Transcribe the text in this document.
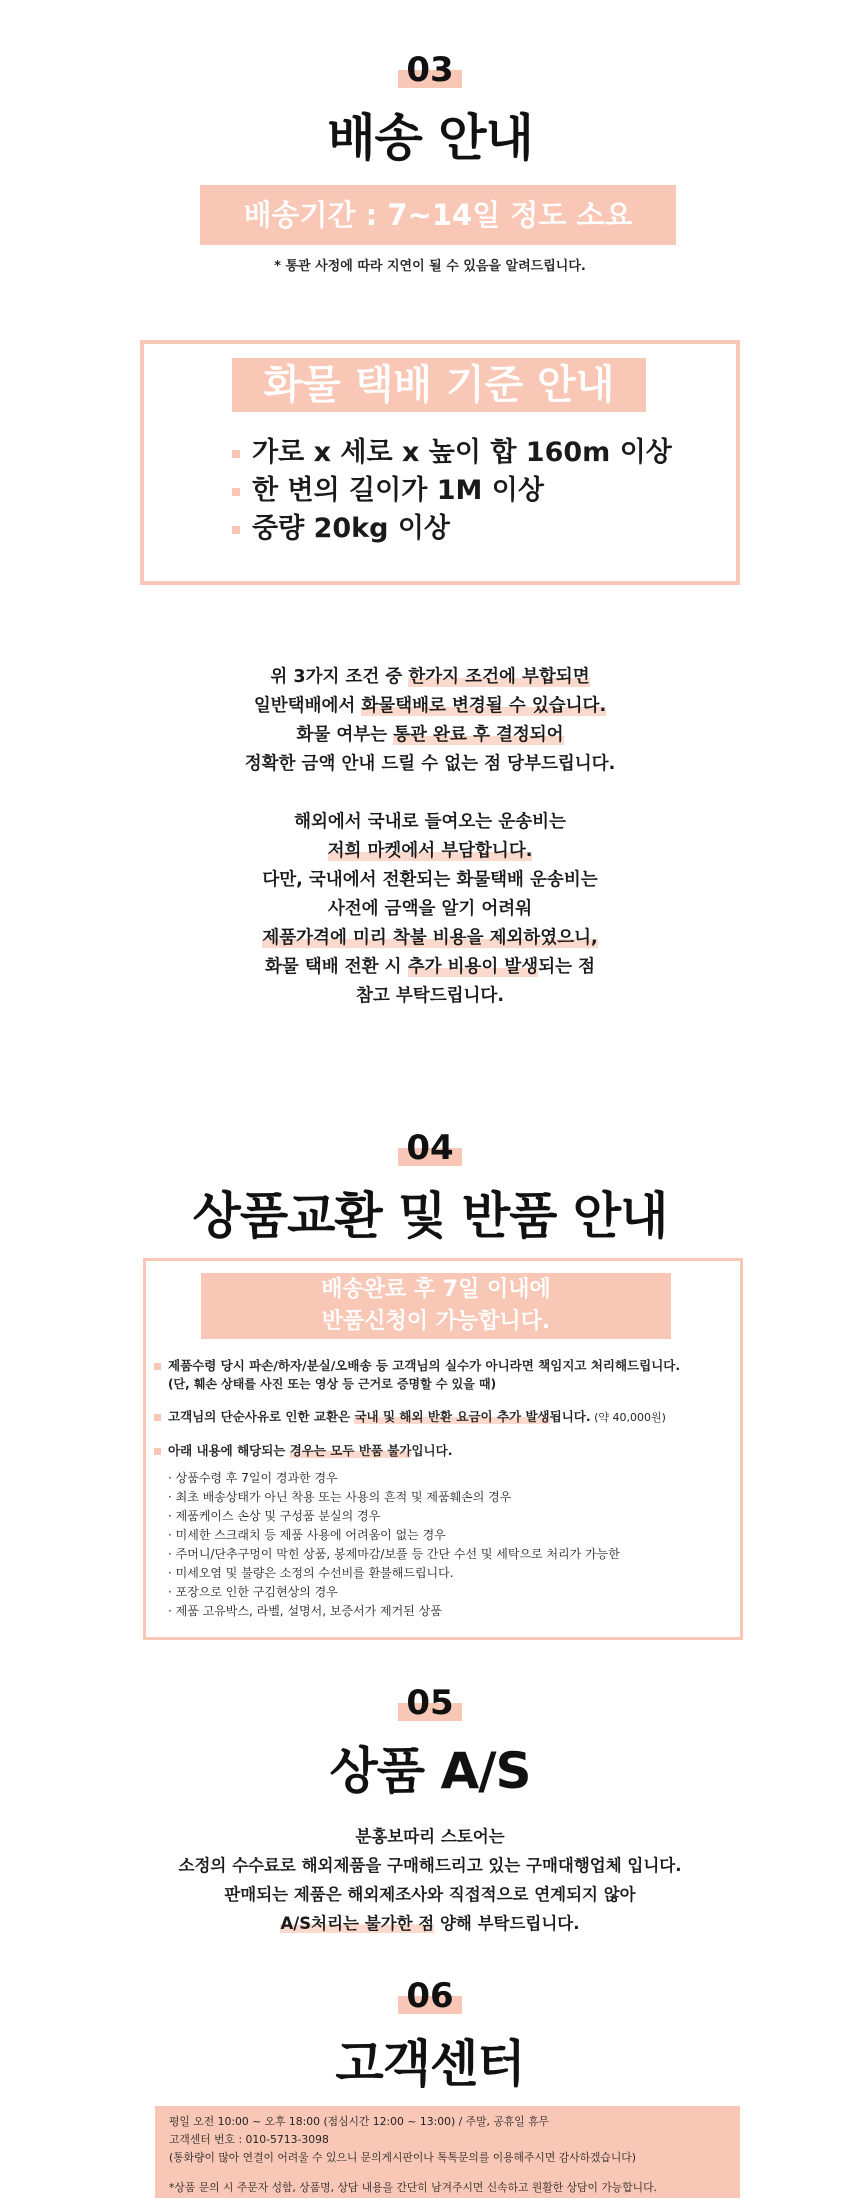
03
배송 안내
배송기간 : 7~14일 정도 소요
* 통관 사정에 따라 지연이 될 수 있음을 알려드립니다.
화물 택배 기준 안내
가로 x 세로 x 높이 합 160m 이상
한 변의 길이가 1M 이상
중량 20kg 이상
위 3가지 조건 중 한가지 조건에 부합되면
일반택배에서 화물택배로 변경될 수 있습니다.
화물 여부는 통관 완료 후 결정되어
정확한 금액 안내 드릴 수 없는 점 당부드립니다.
해외에서 국내로 들여오는 운송비는
저희 마켓에서 부담합니다.
다만, 국내에서 전환되는 화물택배 운송비는
사전에 금액을 알기 어려워
제품가격에 미리 착불 비용을 제외하였으니,
화물 택배 전환 시 추가 비용이 발생되는 점
참고 부탁드립니다.
04
상품교환 및 반품 안내
배송완료 후 7일 이내에
반품신청이 가능합니다.
제품수령 당시 파손/하자/분실/오배송 등 고객님의 실수가 아니라면 책임지고 처리해드립니다.
(단, 훼손 상태를 사진 또는 영상 등 근거로 증명할 수 있을 때)
고객님의 단순사유로 인한 교환은 국내 및 해외 반환 요금이 추가 발생됩니다. (약 40,000원)
아래 내용에 해당되는 경우는 모두 반품 불가입니다.
· 상품수령 후 7일이 경과한 경우
· 최초 배송상태가 아닌 착용 또는 사용의 흔적 및 제품훼손의 경우
· 제품케이스 손상 및 구성품 분실의 경우
· 미세한 스크래치 등 제품 사용에 어려움이 없는 경우
· 주머니/단추구멍이 막힌 상품, 봉제마감/보풀 등 간단 수선 및 세탁으로 처리가 가능한
· 미세오염 및 불량은 소정의 수선비를 환불해드립니다.
· 포장으로 인한 구김현상의 경우
· 제품 고유박스, 라벨, 설명서, 보증서가 제거된 상품
05
상품 A/S
분홍보따리 스토어는
소정의 수수료로 해외제품을 구매해드리고 있는 구매대행업체 입니다.
판매되는 제품은 해외제조사와 직접적으로 연계되지 않아
A/S처리는 불가한 점 양해 부탁드립니다.
06
고객센터
평일 오전 10:00 ~ 오후 18:00 (점심시간 12:00 ~ 13:00) / 주말, 공휴일 휴무
고객센터 번호 : 010-5713-3098
(통화량이 많아 연결이 어려울 수 있으니 문의게시판이나 톡톡문의를 이용해주시면 감사하겠습니다)
*상품 문의 시 주문자 성함, 상품명, 상담 내용을 간단히 남겨주시면 신속하고 원활한 상담이 가능합니다.
